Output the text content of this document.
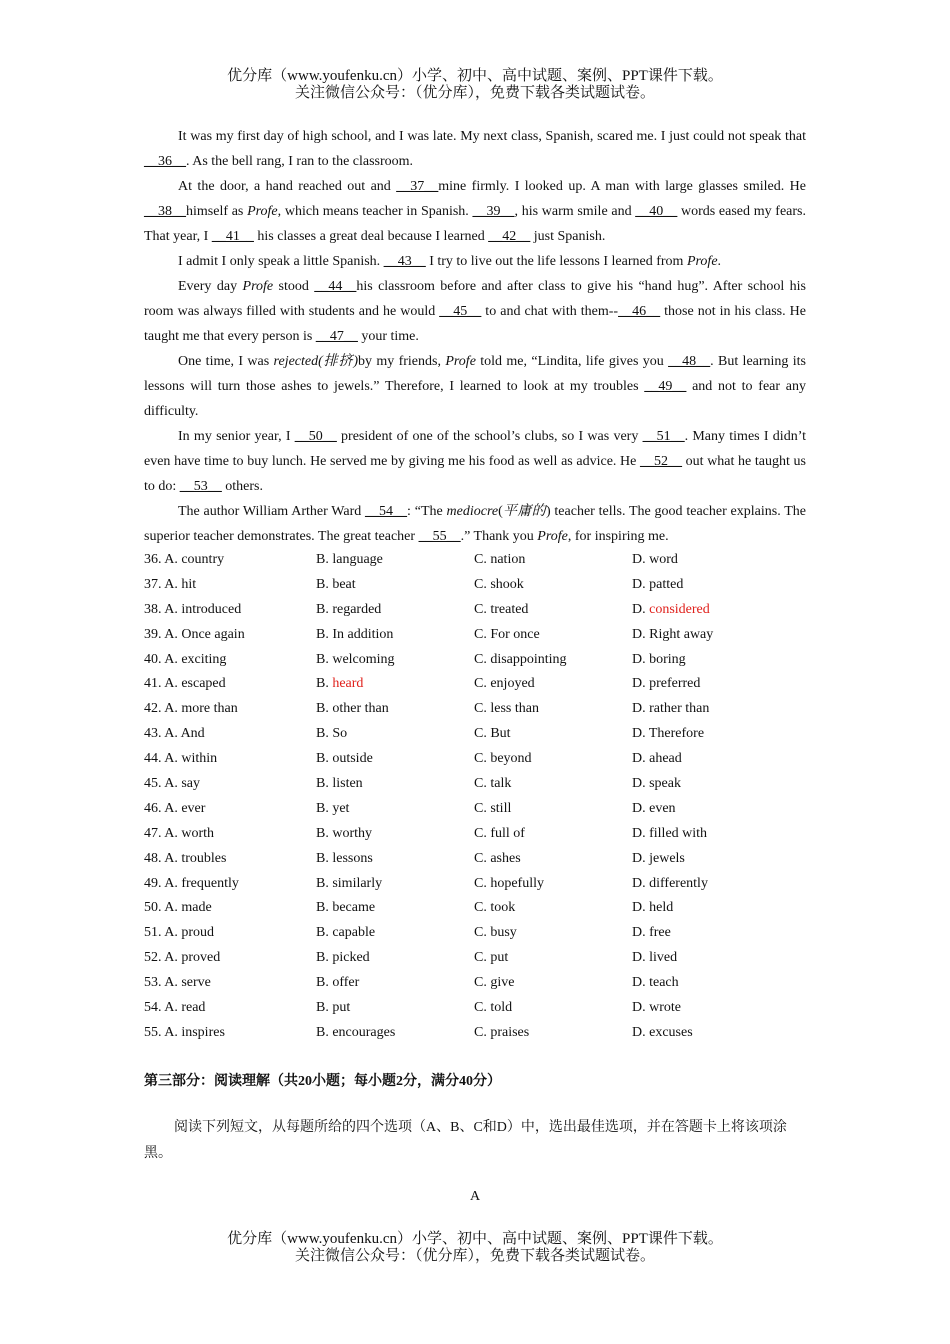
优分库（www.youfenku.cn）小学、初中、高中试题、案例、PPT课件下载。
关注微信公众号：（优分库），免费下载各类试题试卷。

It was my first day of high school, and I was late. My next class, Spanish, scared me. I just could not speak that __36__. As the bell rang, I ran to the classroom.

At the door, a hand reached out and __37__mine firmly. I looked up. A man with large glasses smiled. He __38__himself as Profe, which means teacher in Spanish. __39__, his warm smile and __40__ words eased my fears. That year, I __41__ his classes a great deal because I learned __42__ just Spanish.

I admit I only speak a little Spanish. __43__ I try to live out the life lessons I learned from Profe.

Every day Profe stood __44__his classroom before and after class to give his “hand hug”. After school his room was always filled with students and he would __45__ to and chat with them--__46__ those not in his class. He taught me that every person is __47__ your time.

One time, I was rejected(排挤)by my friends, Profe told me, “Lindita, life gives you __48__. But learning its lessons will turn those ashes to jewels.” Therefore, I learned to look at my troubles __49__ and not to fear any difficulty.

In my senior year, I __50__ president of one of the school’s clubs, so I was very __51__. Many times I didn’t even have time to buy lunch. He served me by giving me his food as well as advice. He __52__ out what he taught us to do: __53__ others.

The author William Arther Ward __54__: “The mediocre(平庸的) teacher tells. The good teacher explains. The superior teacher demonstrates. The great teacher __55__.” Thank you Profe, for inspiring me.

36. A. country	B. language	C. nation	D. word
37. A. hit	B. beat	C. shook	D. patted
38. A. introduced	B. regarded	C. treated	D. considered
39. A. Once again	B. In addition	C. For once	D. Right away
40. A. exciting	B. welcoming	C. disappointing	D. boring
41. A. escaped	B. heard	C. enjoyed	D. preferred
42. A. more than	B. other than	C. less than	D. rather than
43. A. And	B. So	C. But	D. Therefore
44. A. within	B. outside	C. beyond	D. ahead
45. A. say	B. listen	C. talk	D. speak
46. A. ever	B. yet	C. still	D. even
47. A. worth	B. worthy	C. full of	D. filled with
48. A. troubles	B. lessons	C. ashes	D. jewels
49. A. frequently	B. similarly	C. hopefully	D. differently
50. A. made	B. became	C. took	D. held
51. A. proud	B. capable	C. busy	D. free
52. A. proved	B. picked	C. put	D. lived
53. A. serve	B. offer	C. give	D. teach
54. A. read	B. put	C. told	D. wrote
55. A. inspires	B. encourages	C. praises	D. excuses
第三部分：阅读理解（共20小题；每小题2分，满分40分）

阅读下列短文，从每题所给的四个选项（A、B、C和D）中，选出最佳选项，并在答题卡上将该项涂黑。

A
优分库（www.youfenku.cn）小学、初中、高中试题、案例、PPT课件下载。
关注微信公众号：（优分库），免费下载各类试题试卷。
